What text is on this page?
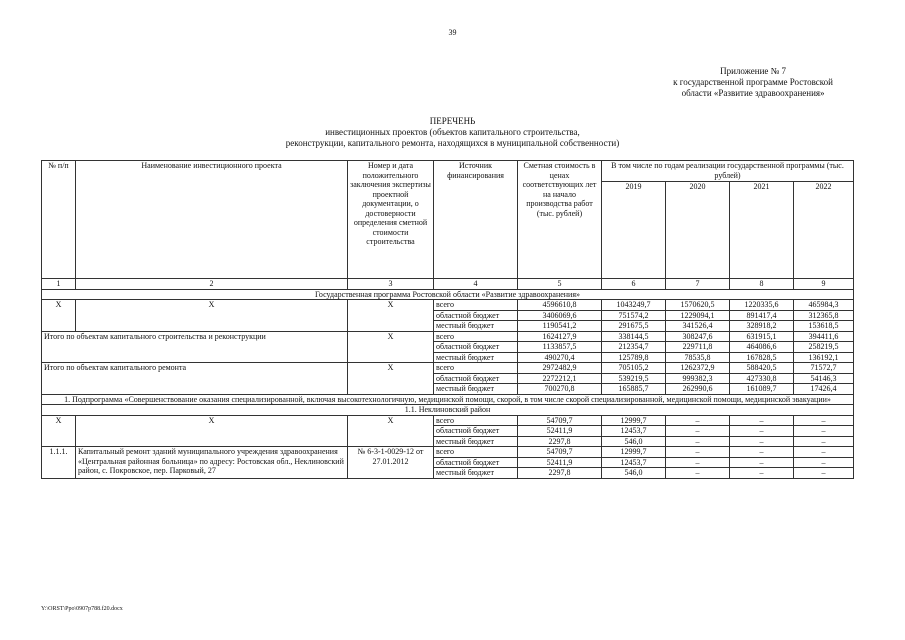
39
Приложение № 7
к государственной программе Ростовской
области «Развитие здравоохранения»
ПЕРЕЧЕНЬ
инвестиционных проектов (объектов капитального строительства,
реконструкции, капитального ремонта, находящихся в муниципальной собственности)
№ п/п	Наименование инвестиционного проекта	Номер и дата положительного заключения экспертизы проектной документации, о достоверности определения сметной стоимости строительства	Источник финансирования	Сметная стоимость в ценах соответствующих лет на начало производства работ (тыс. рублей)	В том числе по годам реализации государственной программы (тыс. рублей)			
					2019	2020	2021	2022
1	2	3	4	5	6	7	8	9
Государственная программа Ростовской области «Развитие здравоохранения»								
X	X	X	всего	4596610,8	1043249,7	1570620,5	1220335,6	465984,3
			областной бюджет	3406069,6	751574,2	1229094,1	891417,4	312365,8
			местный бюджет	1190541,2	291675,5	341526,4	328918,2	153618,5
Итого по объектам капитального строительства и реконструкции		X	всего	1624127,9	338144,5	308247,6	631915,1	394411,6
			областной бюджет	1133857,5	212354,7	229711,8	464086,6	258219,5
			местный бюджет	490270,4	125789,8	78535,8	167828,5	136192,1
Итого по объектам капитального ремонта		X	всего	2972482,9	705105,2	1262372,9	588420,5	71572,7
			областной бюджет	2272212,1	539219,5	999382,3	427330,8	54146,3
			местный бюджет	700270,8	165885,7	262990,6	161089,7	17426,4
1. Подпрограмма «Совершенствование оказания специализированной, включая высокотехнологичную, медицинской помощи, скорой, в том числе скорой специализированной, медицинской помощи, медицинской эвакуации»								
1.1. Неклиновский район								
X	X	X	всего	54709,7	12999,7	–	–	–
			областной бюджет	52411,9	12453,7	–	–	–
			местный бюджет	2297,8	546,0	–	–	–
1.1.1.	Капитальный ремонт зданий муниципального учреждения здравоохранения «Центральная районная больница» по адресу: Ростовская обл., Неклиновский район, с. Покровское, пер. Парковый, 27	№ 6-3-1-0029-12 от 27.01.2012	всего	54709,7	12999,7	–	–	–
			областной бюджет	52411,9	12453,7	–	–	–
			местный бюджет	2297,8	546,0	–	–	–
Y:\ORST\Ppo\0907p788.f20.docx
